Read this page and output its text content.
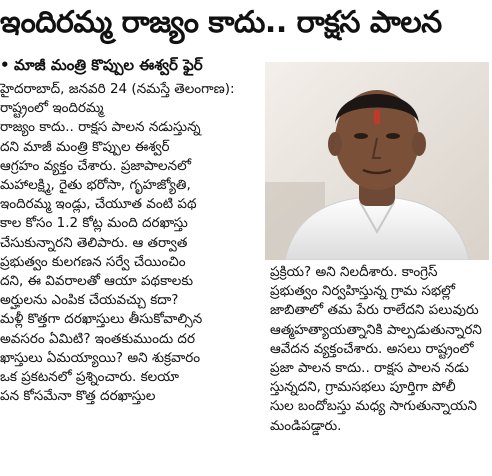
ఇందిరమ్మ రాజ్యం కాదు.. రాక్షస పాలన
• మాజీ మంత్రి కొప్పుల ఈశ్వర్ ఫైర్
హైదరాబాద్, జనవరి 24 (నమస్తే తెలంగాణ):
రాష్ట్రంలో ఇందిరమ్మ
రాజ్యం కాదు.. రాక్షస పాలన నడుస్తున్న
దని మాజీ మంత్రి కొప్పుల ఈశ్వర్
ఆగ్రహం వ్యక్తం చేశారు. ప్రజాపాలనలో
మహాలక్ష్మి, రైతు భరోసా, గృహజ్యోతి,
ఇందిరమ్మ ఇండ్లు, చేయూత వంటి పథ
కాల కోసం 1.2 కోట్ల మంది దరఖాస్తు
చేసుకున్నారని తెలిపారు. ఆ తర్వాత
ప్రభుత్వం కులగణన సర్వే చేయించిం
దని, ఈ వివరాలతో ఆయా పథకాలకు
అర్హులను ఎంపిక చేయవచ్చు కదా?
మళ్లీ కొత్తగా దరఖాస్తులు తీసుకోవాల్సిన
అవసరం ఏమిటి? ఇంతకుముందు దర
ఖాస్తులు ఏమయ్యాయి? అని శుక్రవారం
ఒక ప్రకటనలో ప్రశ్నించారు. కలయా
పన కోసమేనా కొత్త దరఖాస్తుల
ప్రక్రియ? అని నిలదీశారు. కాంగ్రెస్
ప్రభుత్వం నిర్వహిస్తున్న గ్రామ సభల్లో
జాబితాలో తమ పేరు రాలేదని పలువురు
ఆత్మహత్యాయత్నానికి పాల్పడుతున్నారని
ఆవేదన వ్యక్తంచేశారు. అసలు రాష్ట్రంలో
ప్రజా పాలన కాదు.. రాక్షస పాలన నడు
స్తున్నదని, గ్రామసభలు పూర్తిగా పోలీ
సుల బందోబస్తు మధ్య సాగుతున్నాయని
మండిపడ్డారు.
